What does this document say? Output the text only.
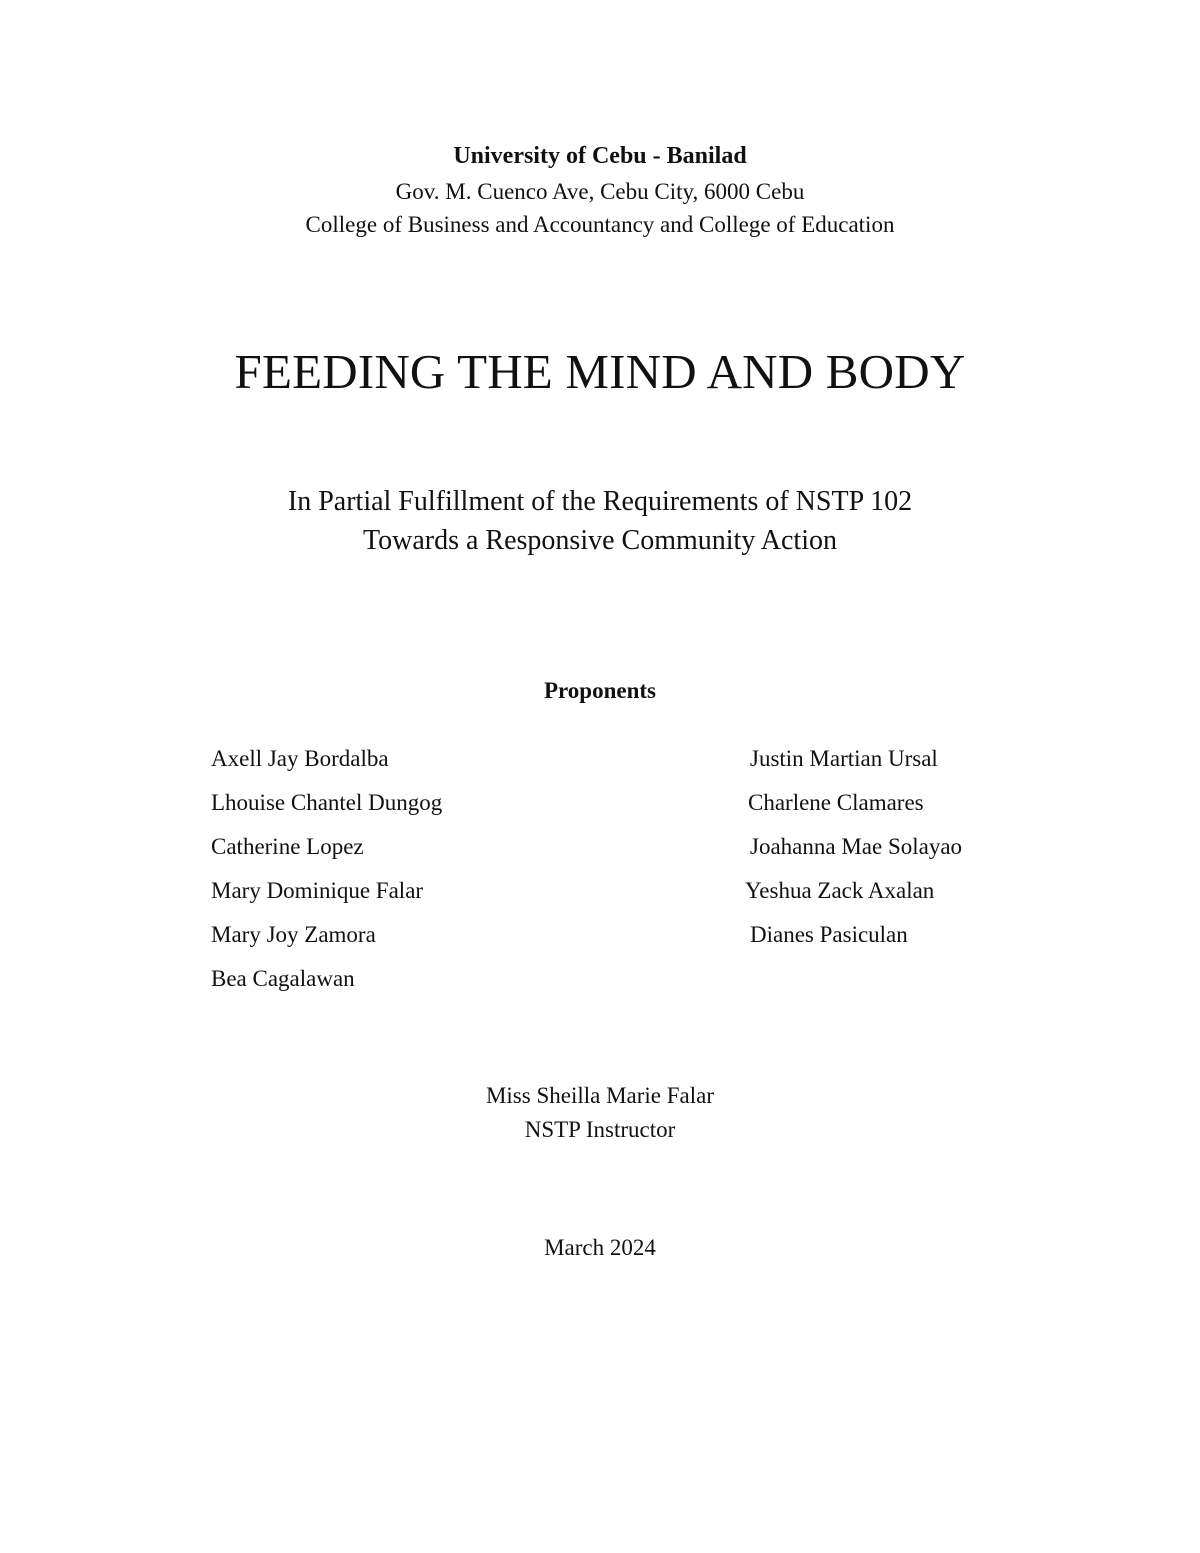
University of Cebu - Banilad
Gov. M. Cuenco Ave, Cebu City, 6000 Cebu
College of Business and Accountancy and College of Education
FEEDING THE MIND AND BODY
In Partial Fulfillment of the Requirements of NSTP 102
Towards a Responsive Community Action
Proponents
Axell Jay Bordalba
Lhouise Chantel Dungog
Catherine Lopez
Mary Dominique Falar
Mary Joy Zamora
Bea Cagalawan
Justin Martian Ursal
Charlene Clamares
Joahanna Mae Solayao
Yeshua Zack Axalan
Dianes Pasiculan
Miss Sheilla Marie Falar
NSTP Instructor
March 2024
